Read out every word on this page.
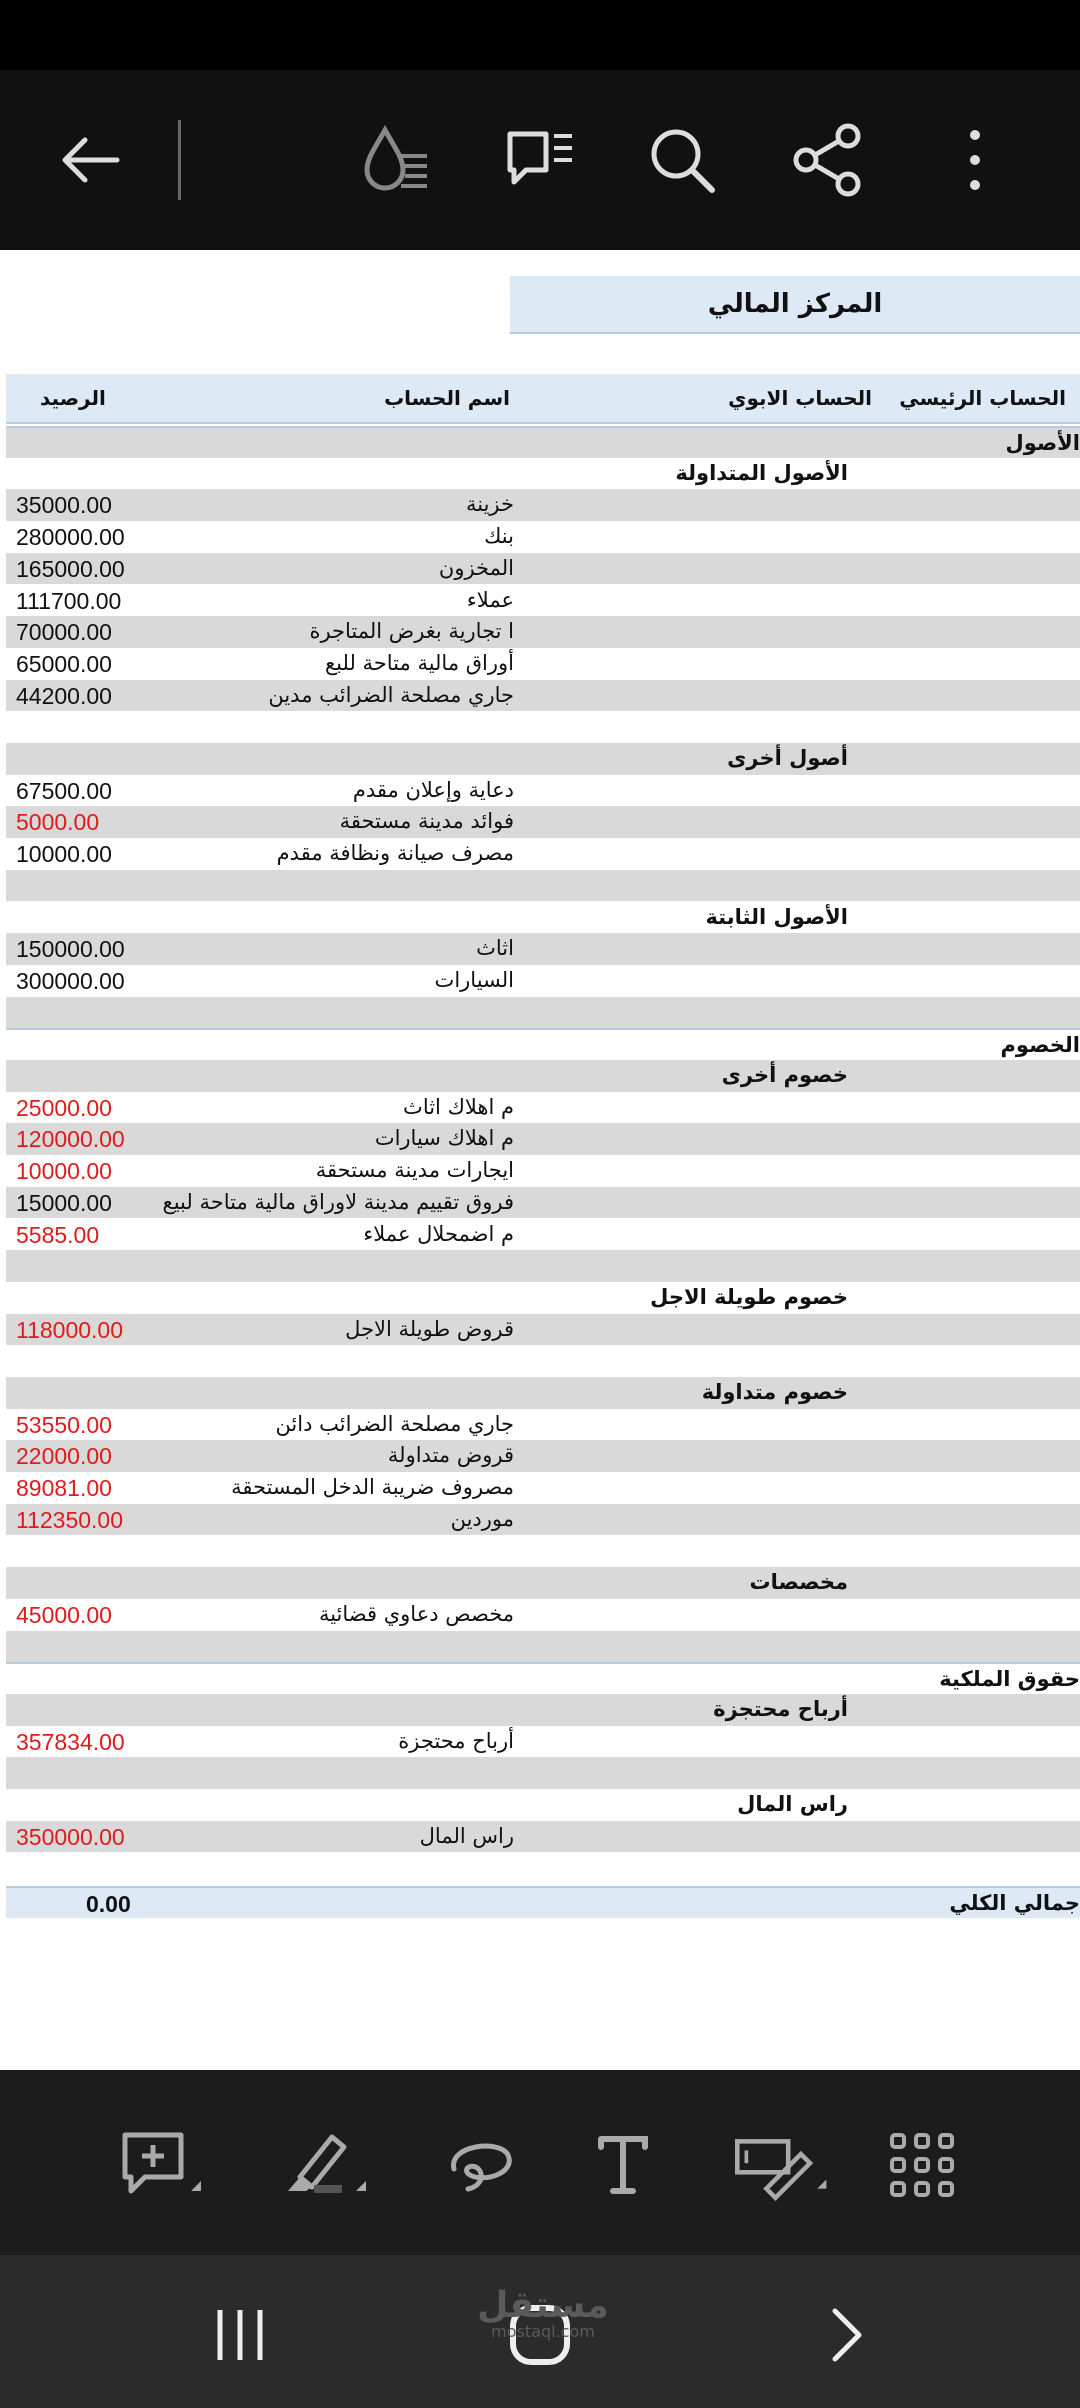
المركز المالي
الحساب الرئيسي
الحساب الابوي
اسم الحساب
الرصيد
الأصول
الأصول المتداولة
خزينة
35000.00
بنك
280000.00
المخزون
165000.00
عملاء
111700.00
ا تجارية بغرض المتاجرة
70000.00
أوراق مالية متاحة للبع
65000.00
جاري مصلحة الضرائب مدين
44200.00
أصول أخرى
دعاية وإعلان مقدم
67500.00
فوائد مدينة مستحقة
5000.00
مصرف صيانة ونظافة مقدم
10000.00
الأصول الثابتة
اثاث
150000.00
السيارات
300000.00
الخصوم
خصوم أخرى
م اهلاك اثاث
25000.00
م اهلاك سيارات
120000.00
ايجارات مدينة مستحقة
10000.00
فروق تقييم مدينة لاوراق مالية متاحة لبيع
15000.00
م اضمحلال عملاء
5585.00
خصوم طويلة الاجل
قروض طويلة الاجل
118000.00
خصوم متداولة
جاري مصلحة الضرائب دائن
53550.00
قروض متداولة
22000.00
مصروف ضريبة الدخل المستحقة
89081.00
موردين
112350.00
مخصصات
مخصص دعاوي قضائية
45000.00
حقوق الملكية
أرباح محتجزة
أرباح محتجزة
357834.00
راس المال
راس المال
350000.00
جمالي الكلي
0.00
مستقل
mostaql.com
